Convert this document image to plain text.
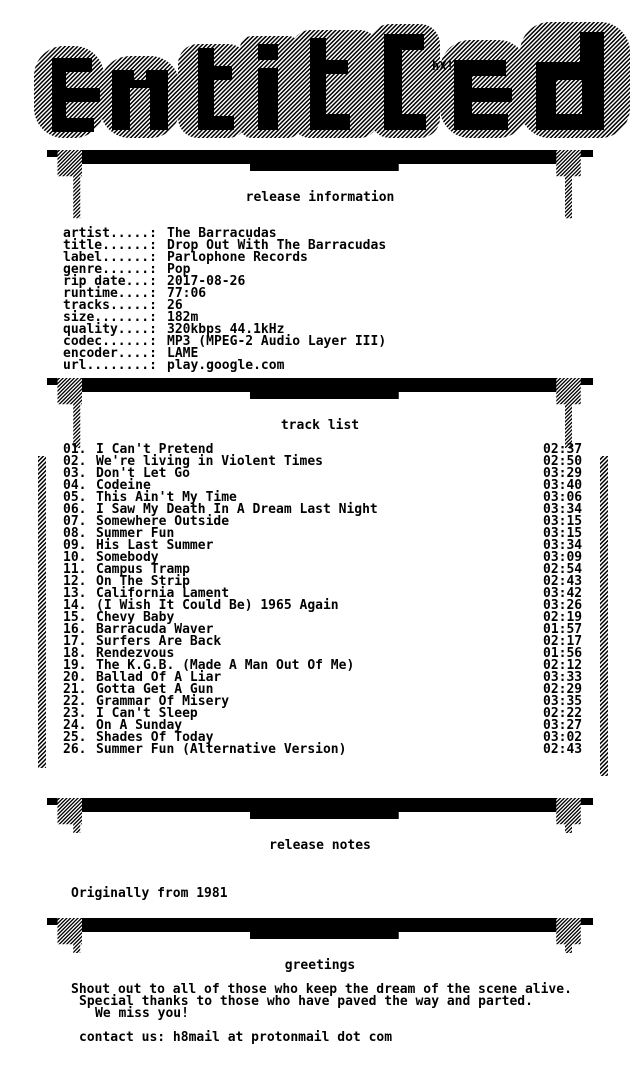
hX!
release information
artist.....: The Barracudas
title......: Drop Out With The Barracudas
label......: Parlophone Records
genre......: Pop
rip date...: 2017-08-26
runtime....: 77:06
tracks.....: 26
size.......: 182m
quality....: 320kbps 44.1kHz
codec......: MP3 (MPEG-2 Audio Layer III)
encoder....: LAME
url........: play.google.com
track list
01. I Can't Pretend	02:37
02. We're living in Violent Times	02:50
03. Don't Let Go	03:29
04. Codeine	03:40
05. This Ain't My Time	03:06
06. I Saw My Death In A Dream Last Night	03:34
07. Somewhere Outside	03:15
08. Summer Fun	03:15
09. His Last Summer	03:34
10. Somebody	03:09
11. Campus Tramp	02:54
12. On The Strip	02:43
13. California Lament	03:42
14. (I Wish It Could Be) 1965 Again	03:26
15. Chevy Baby	02:19
16. Barracuda Waver	01:57
17. Surfers Are Back	02:17
18. Rendezvous	01:56
19. The K.G.B. (Made A Man Out Of Me)	02:12
20. Ballad Of A Liar	03:33
21. Gotta Get A Gun	02:29
22. Grammar Of Misery	03:35
23. I Can't Sleep	02:22
24. On A Sunday	03:27
25. Shades Of Today	03:02
26. Summer Fun (Alternative Version)	02:43
release notes
Originally from 1981
greetings
Shout out to all of those who keep the dream of the scene alive.
Special thanks to those who have paved the way and parted.
We miss you!
contact us: h8mail at protonmail dot com
